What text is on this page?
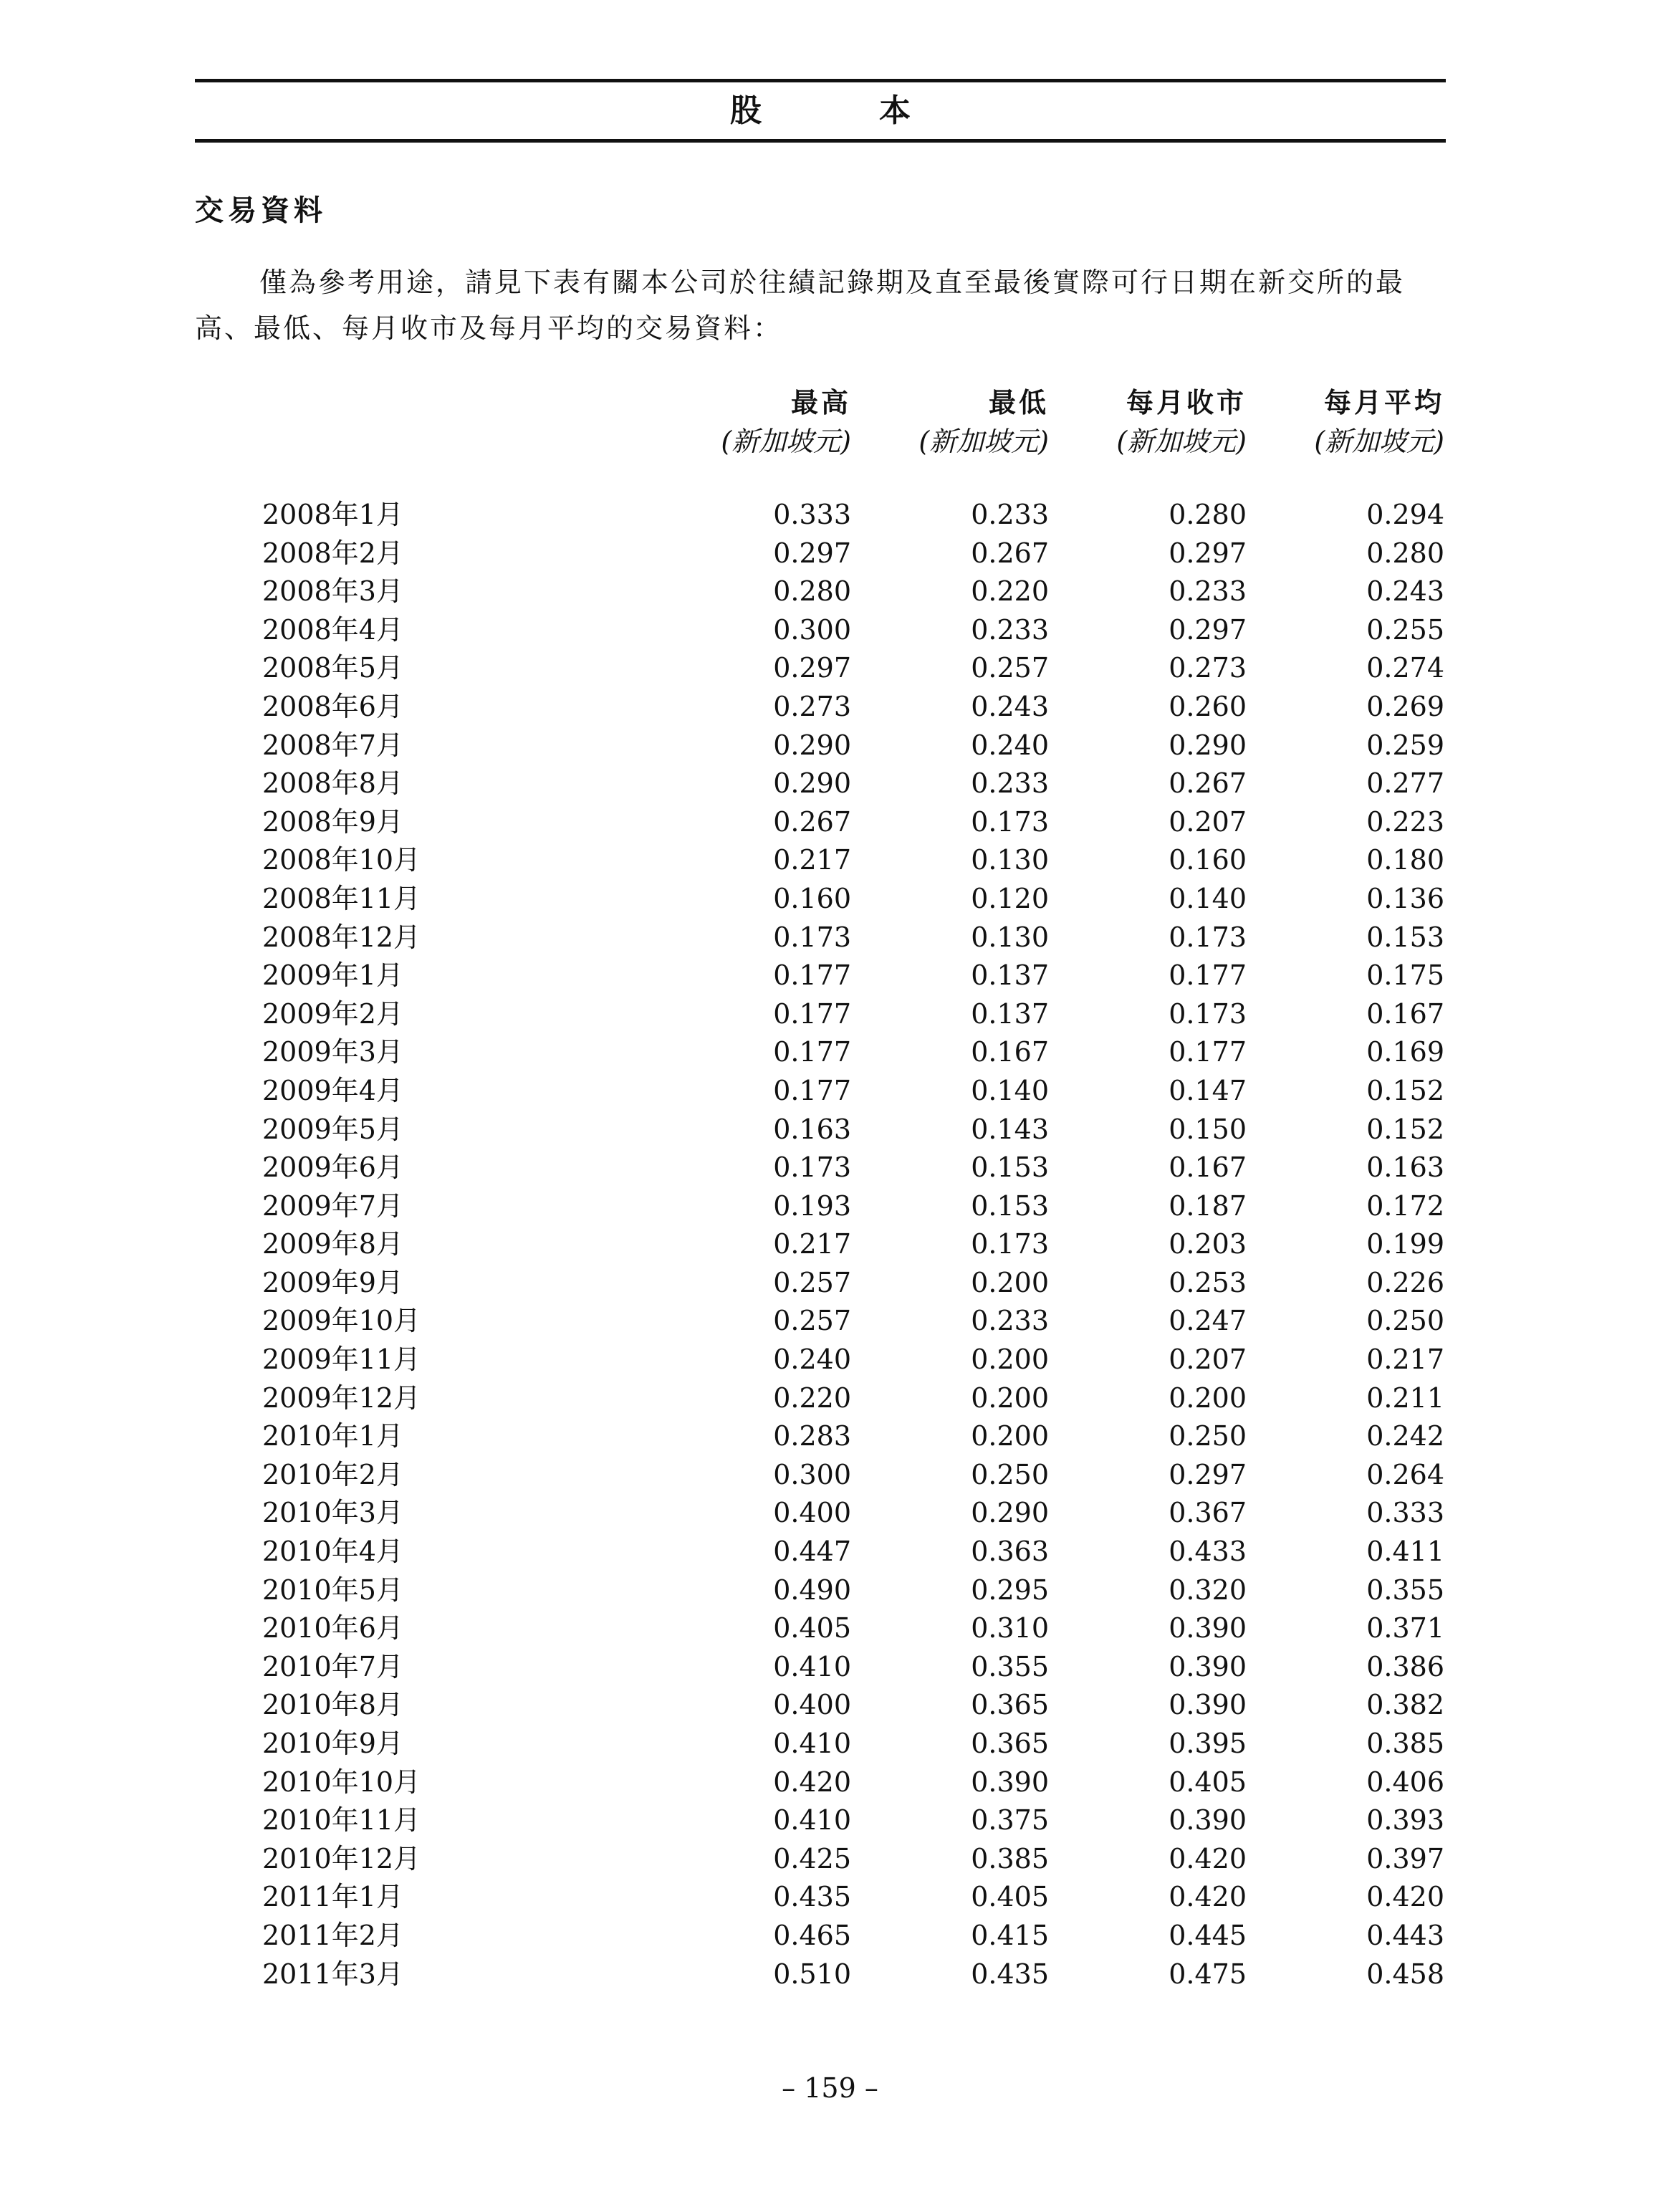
股　本
交易資料

僅為參考用途，請見下表有關本公司於往績記錄期及直至最後實際可行日期在新交所的最高、最低、每月收市及每月平均的交易資料：

最高	最低	每月收市	每月平均
(新加坡元) (新加坡元) (新加坡元) (新加坡元)
2008年1月	0.333	0.233	0.280	0.294
2008年2月	0.297	0.267	0.297	0.280
2008年3月	0.280	0.220	0.233	0.243
2008年4月	0.300	0.233	0.297	0.255
2008年5月	0.297	0.257	0.273	0.274
2008年6月	0.273	0.243	0.260	0.269
2008年7月	0.290	0.240	0.290	0.259
2008年8月	0.290	0.233	0.267	0.277
2008年9月	0.267	0.173	0.207	0.223
2008年10月	0.217	0.130	0.160	0.180
2008年11月	0.160	0.120	0.140	0.136
2008年12月	0.173	0.130	0.173	0.153
2009年1月	0.177	0.137	0.177	0.175
2009年2月	0.177	0.137	0.173	0.167
2009年3月	0.177	0.167	0.177	0.169
2009年4月	0.177	0.140	0.147	0.152
2009年5月	0.163	0.143	0.150	0.152
2009年6月	0.173	0.153	0.167	0.163
2009年7月	0.193	0.153	0.187	0.172
2009年8月	0.217	0.173	0.203	0.199
2009年9月	0.257	0.200	0.253	0.226
2009年10月	0.257	0.233	0.247	0.250
2009年11月	0.240	0.200	0.207	0.217
2009年12月	0.220	0.200	0.200	0.211
2010年1月	0.283	0.200	0.250	0.242
2010年2月	0.300	0.250	0.297	0.264
2010年3月	0.400	0.290	0.367	0.333
2010年4月	0.447	0.363	0.433	0.411
2010年5月	0.490	0.295	0.320	0.355
2010年6月	0.405	0.310	0.390	0.371
2010年7月	0.410	0.355	0.390	0.386
2010年8月	0.400	0.365	0.390	0.382
2010年9月	0.410	0.365	0.395	0.385
2010年10月	0.420	0.390	0.405	0.406
2010年11月	0.410	0.375	0.390	0.393
2010年12月	0.425	0.385	0.420	0.397
2011年1月	0.435	0.405	0.420	0.420
2011年2月	0.465	0.415	0.445	0.443
2011年3月	0.510	0.435	0.475	0.458
– 159 –
